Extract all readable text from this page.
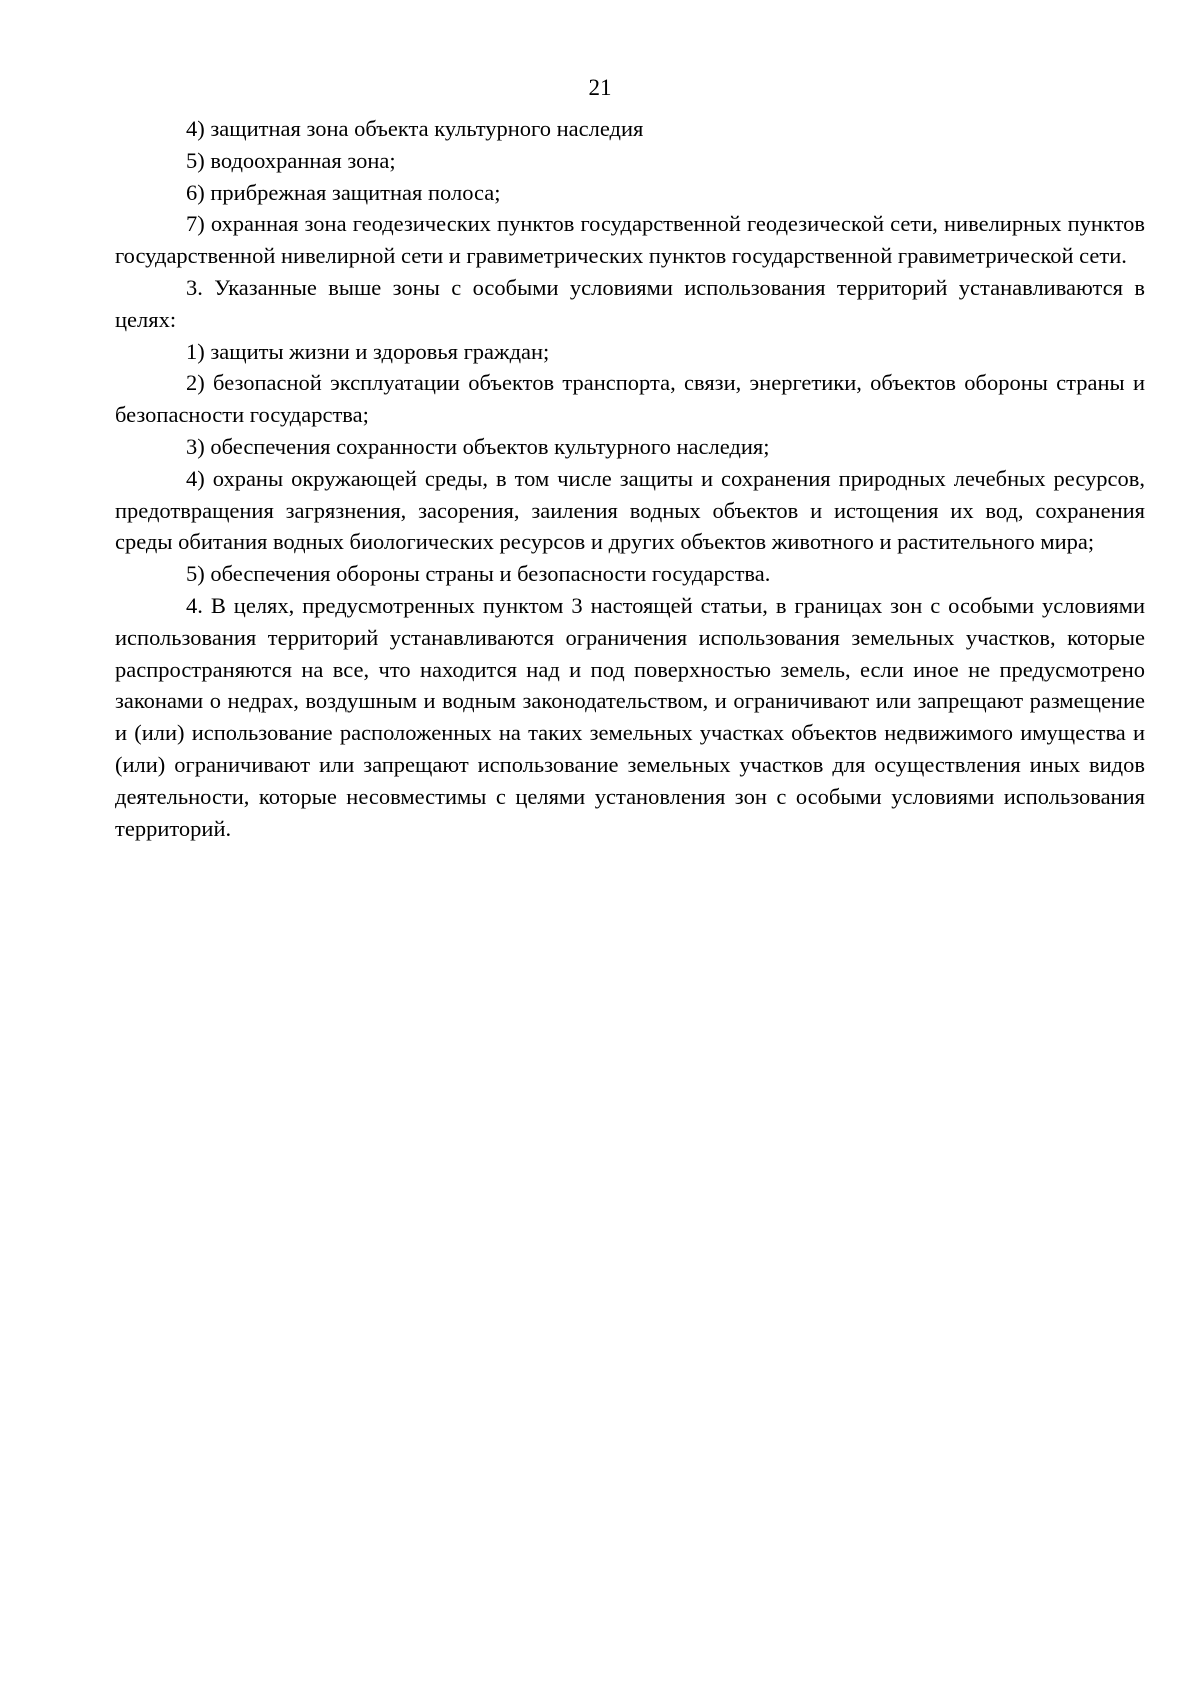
21

4) защитная зона объекта культурного наследия

5) водоохранная зона;

6) прибрежная защитная полоса;

7) охранная зона геодезических пунктов государственной геодезической сети, нивелирных пунктов государственной нивелирной сети и гравиметрических пунктов государственной гравиметрической сети.

3. Указанные выше зоны с особыми условиями использования территорий устанавливаются в целях:

1) защиты жизни и здоровья граждан;

2) безопасной эксплуатации объектов транспорта, связи, энергетики, объектов обороны страны и безопасности государства;

3) обеспечения сохранности объектов культурного наследия;

4) охраны окружающей среды, в том числе защиты и сохранения природных лечебных ресурсов, предотвращения загрязнения, засорения, заиления водных объектов и истощения их вод, сохранения среды обитания водных биологических ресурсов и других объектов животного и растительного мира;

5) обеспечения обороны страны и безопасности государства.

4. В целях, предусмотренных пунктом 3 настоящей статьи, в границах зон с особыми условиями использования территорий устанавливаются ограничения использования земельных участков, которые распространяются на все, что находится над и под поверхностью земель, если иное не предусмотрено законами о недрах, воздушным и водным законодательством, и ограничивают или запрещают размещение и (или) использование расположенных на таких земельных участках объектов недвижимого имущества и (или) ограничивают или запрещают использование земельных участков для осуществления иных видов деятельности, которые несовместимы с целями установления зон с особыми условиями использования территорий.
